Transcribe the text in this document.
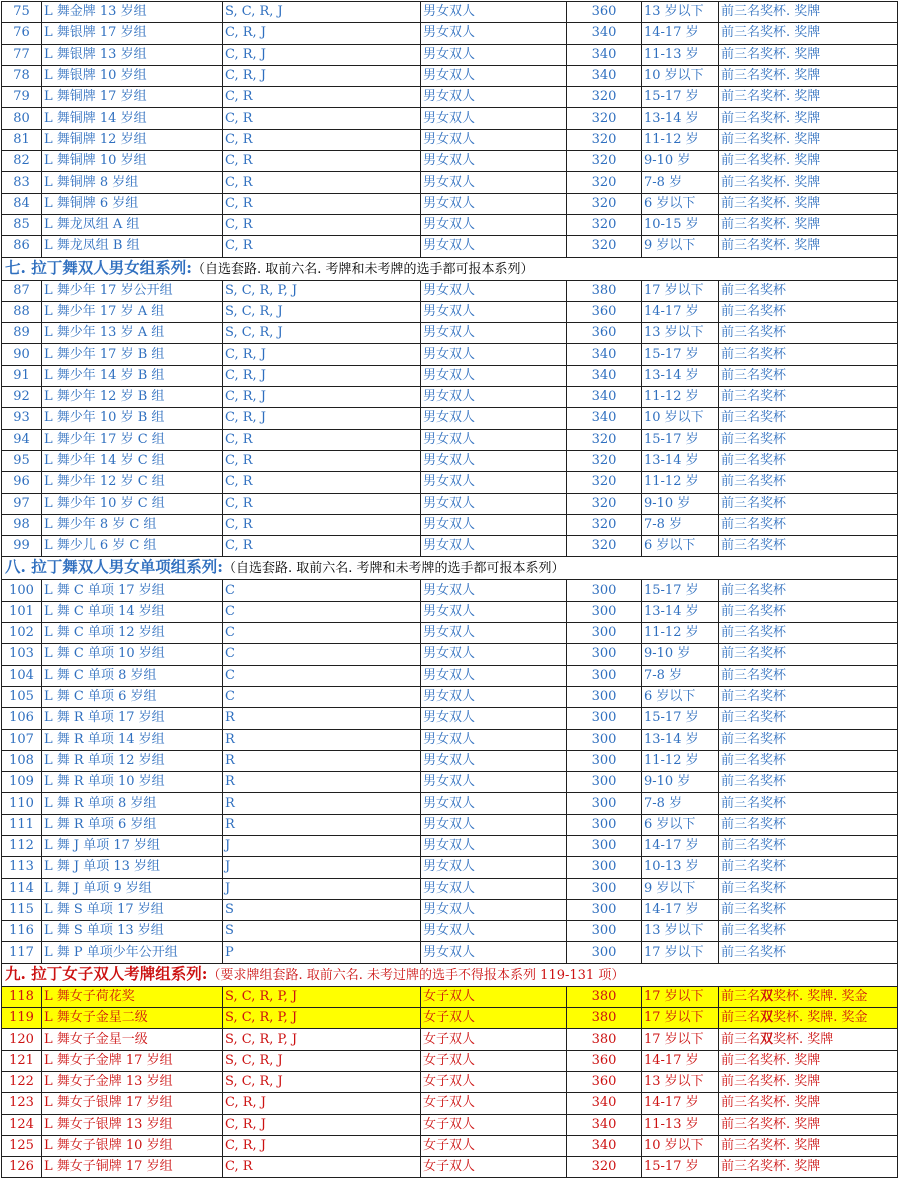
75	L 舞金牌 13 岁组	S, C, R, J	男女双人	360	13 岁以下	前三名奖杯. 奖牌
76	L 舞银牌 17 岁组	C, R, J	男女双人	340	14-17 岁	前三名奖杯. 奖牌
77	L 舞银牌 13 岁组	C, R, J	男女双人	340	11-13 岁	前三名奖杯. 奖牌
78	L 舞银牌 10 岁组	C, R, J	男女双人	340	10 岁以下	前三名奖杯. 奖牌
79	L 舞铜牌 17 岁组	C, R	男女双人	320	15-17 岁	前三名奖杯. 奖牌
80	L 舞铜牌 14 岁组	C, R	男女双人	320	13-14 岁	前三名奖杯. 奖牌
81	L 舞铜牌 12 岁组	C, R	男女双人	320	11-12 岁	前三名奖杯. 奖牌
82	L 舞铜牌 10 岁组	C, R	男女双人	320	9-10 岁	前三名奖杯. 奖牌
83	L 舞铜牌 8 岁组	C, R	男女双人	320	7-8 岁	前三名奖杯. 奖牌
84	L 舞铜牌 6 岁组	C, R	男女双人	320	6 岁以下	前三名奖杯. 奖牌
85	L 舞龙凤组 A 组	C, R	男女双人	320	10-15 岁	前三名奖杯. 奖牌
86	L 舞龙凤组 B 组	C, R	男女双人	320	9 岁以下	前三名奖杯. 奖牌
七. 拉丁舞双人男女组系列:（自选套路. 取前六名. 考牌和未考牌的选手都可报本系列）						
87	L 舞少年 17 岁公开组	S, C, R, P, J	男女双人	380	17 岁以下	前三名奖杯
88	L 舞少年 17 岁 A 组	S, C, R, J	男女双人	360	14-17 岁	前三名奖杯
89	L 舞少年 13 岁 A 组	S, C, R, J	男女双人	360	13 岁以下	前三名奖杯
90	L 舞少年 17 岁 B 组	C, R, J	男女双人	340	15-17 岁	前三名奖杯
91	L 舞少年 14 岁 B 组	C, R, J	男女双人	340	13-14 岁	前三名奖杯
92	L 舞少年 12 岁 B 组	C, R, J	男女双人	340	11-12 岁	前三名奖杯
93	L 舞少年 10 岁 B 组	C, R, J	男女双人	340	10 岁以下	前三名奖杯
94	L 舞少年 17 岁 C 组	C, R	男女双人	320	15-17 岁	前三名奖杯
95	L 舞少年 14 岁 C 组	C, R	男女双人	320	13-14 岁	前三名奖杯
96	L 舞少年 12 岁 C 组	C, R	男女双人	320	11-12 岁	前三名奖杯
97	L 舞少年 10 岁 C 组	C, R	男女双人	320	9-10 岁	前三名奖杯
98	L 舞少年 8 岁 C 组	C, R	男女双人	320	7-8 岁	前三名奖杯
99	L 舞少儿 6 岁 C 组	C, R	男女双人	320	6 岁以下	前三名奖杯
八. 拉丁舞双人男女单项组系列:（自选套路. 取前六名. 考牌和未考牌的选手都可报本系列）						
100	L 舞 C 单项 17 岁组	C	男女双人	300	15-17 岁	前三名奖杯
101	L 舞 C 单项 14 岁组	C	男女双人	300	13-14 岁	前三名奖杯
102	L 舞 C 单项 12 岁组	C	男女双人	300	11-12 岁	前三名奖杯
103	L 舞 C 单项 10 岁组	C	男女双人	300	9-10 岁	前三名奖杯
104	L 舞 C 单项 8 岁组	C	男女双人	300	7-8 岁	前三名奖杯
105	L 舞 C 单项 6 岁组	C	男女双人	300	6 岁以下	前三名奖杯
106	L 舞 R 单项 17 岁组	R	男女双人	300	15-17 岁	前三名奖杯
107	L 舞 R 单项 14 岁组	R	男女双人	300	13-14 岁	前三名奖杯
108	L 舞 R 单项 12 岁组	R	男女双人	300	11-12 岁	前三名奖杯
109	L 舞 R 单项 10 岁组	R	男女双人	300	9-10 岁	前三名奖杯
110	L 舞 R 单项 8 岁组	R	男女双人	300	7-8 岁	前三名奖杯
111	L 舞 R 单项 6 岁组	R	男女双人	300	6 岁以下	前三名奖杯
112	L 舞 J 单项 17 岁组	J	男女双人	300	14-17 岁	前三名奖杯
113	L 舞 J 单项 13 岁组	J	男女双人	300	10-13 岁	前三名奖杯
114	L 舞 J 单项 9 岁组	J	男女双人	300	9 岁以下	前三名奖杯
115	L 舞 S 单项 17 岁组	S	男女双人	300	14-17 岁	前三名奖杯
116	L 舞 S 单项 13 岁组	S	男女双人	300	13 岁以下	前三名奖杯
117	L 舞 P 单项少年公开组	P	男女双人	300	17 岁以下	前三名奖杯
九. 拉丁女子双人考牌组系列:（要求牌组套路. 取前六名. 未考过牌的选手不得报本系列 119-131 项）						
118	L 舞女子荷花奖	S, C, R, P, J	女子双人	380	17 岁以下	前三名双奖杯. 奖牌. 奖金
119	L 舞女子金星二级	S, C, R, P, J	女子双人	380	17 岁以下	前三名双奖杯. 奖牌. 奖金
120	L 舞女子金星一级	S, C, R, P, J	女子双人	380	17 岁以下	前三名双奖杯. 奖牌
121	L 舞女子金牌 17 岁组	S, C, R, J	女子双人	360	14-17 岁	前三名奖杯. 奖牌
122	L 舞女子金牌 13 岁组	S, C, R, J	女子双人	360	13 岁以下	前三名奖杯. 奖牌
123	L 舞女子银牌 17 岁组	C, R, J	女子双人	340	14-17 岁	前三名奖杯. 奖牌
124	L 舞女子银牌 13 岁组	C, R, J	女子双人	340	11-13 岁	前三名奖杯. 奖牌
125	L 舞女子银牌 10 岁组	C, R, J	女子双人	340	10 岁以下	前三名奖杯. 奖牌
126	L 舞女子铜牌 17 岁组	C, R	女子双人	320	15-17 岁	前三名奖杯. 奖牌
